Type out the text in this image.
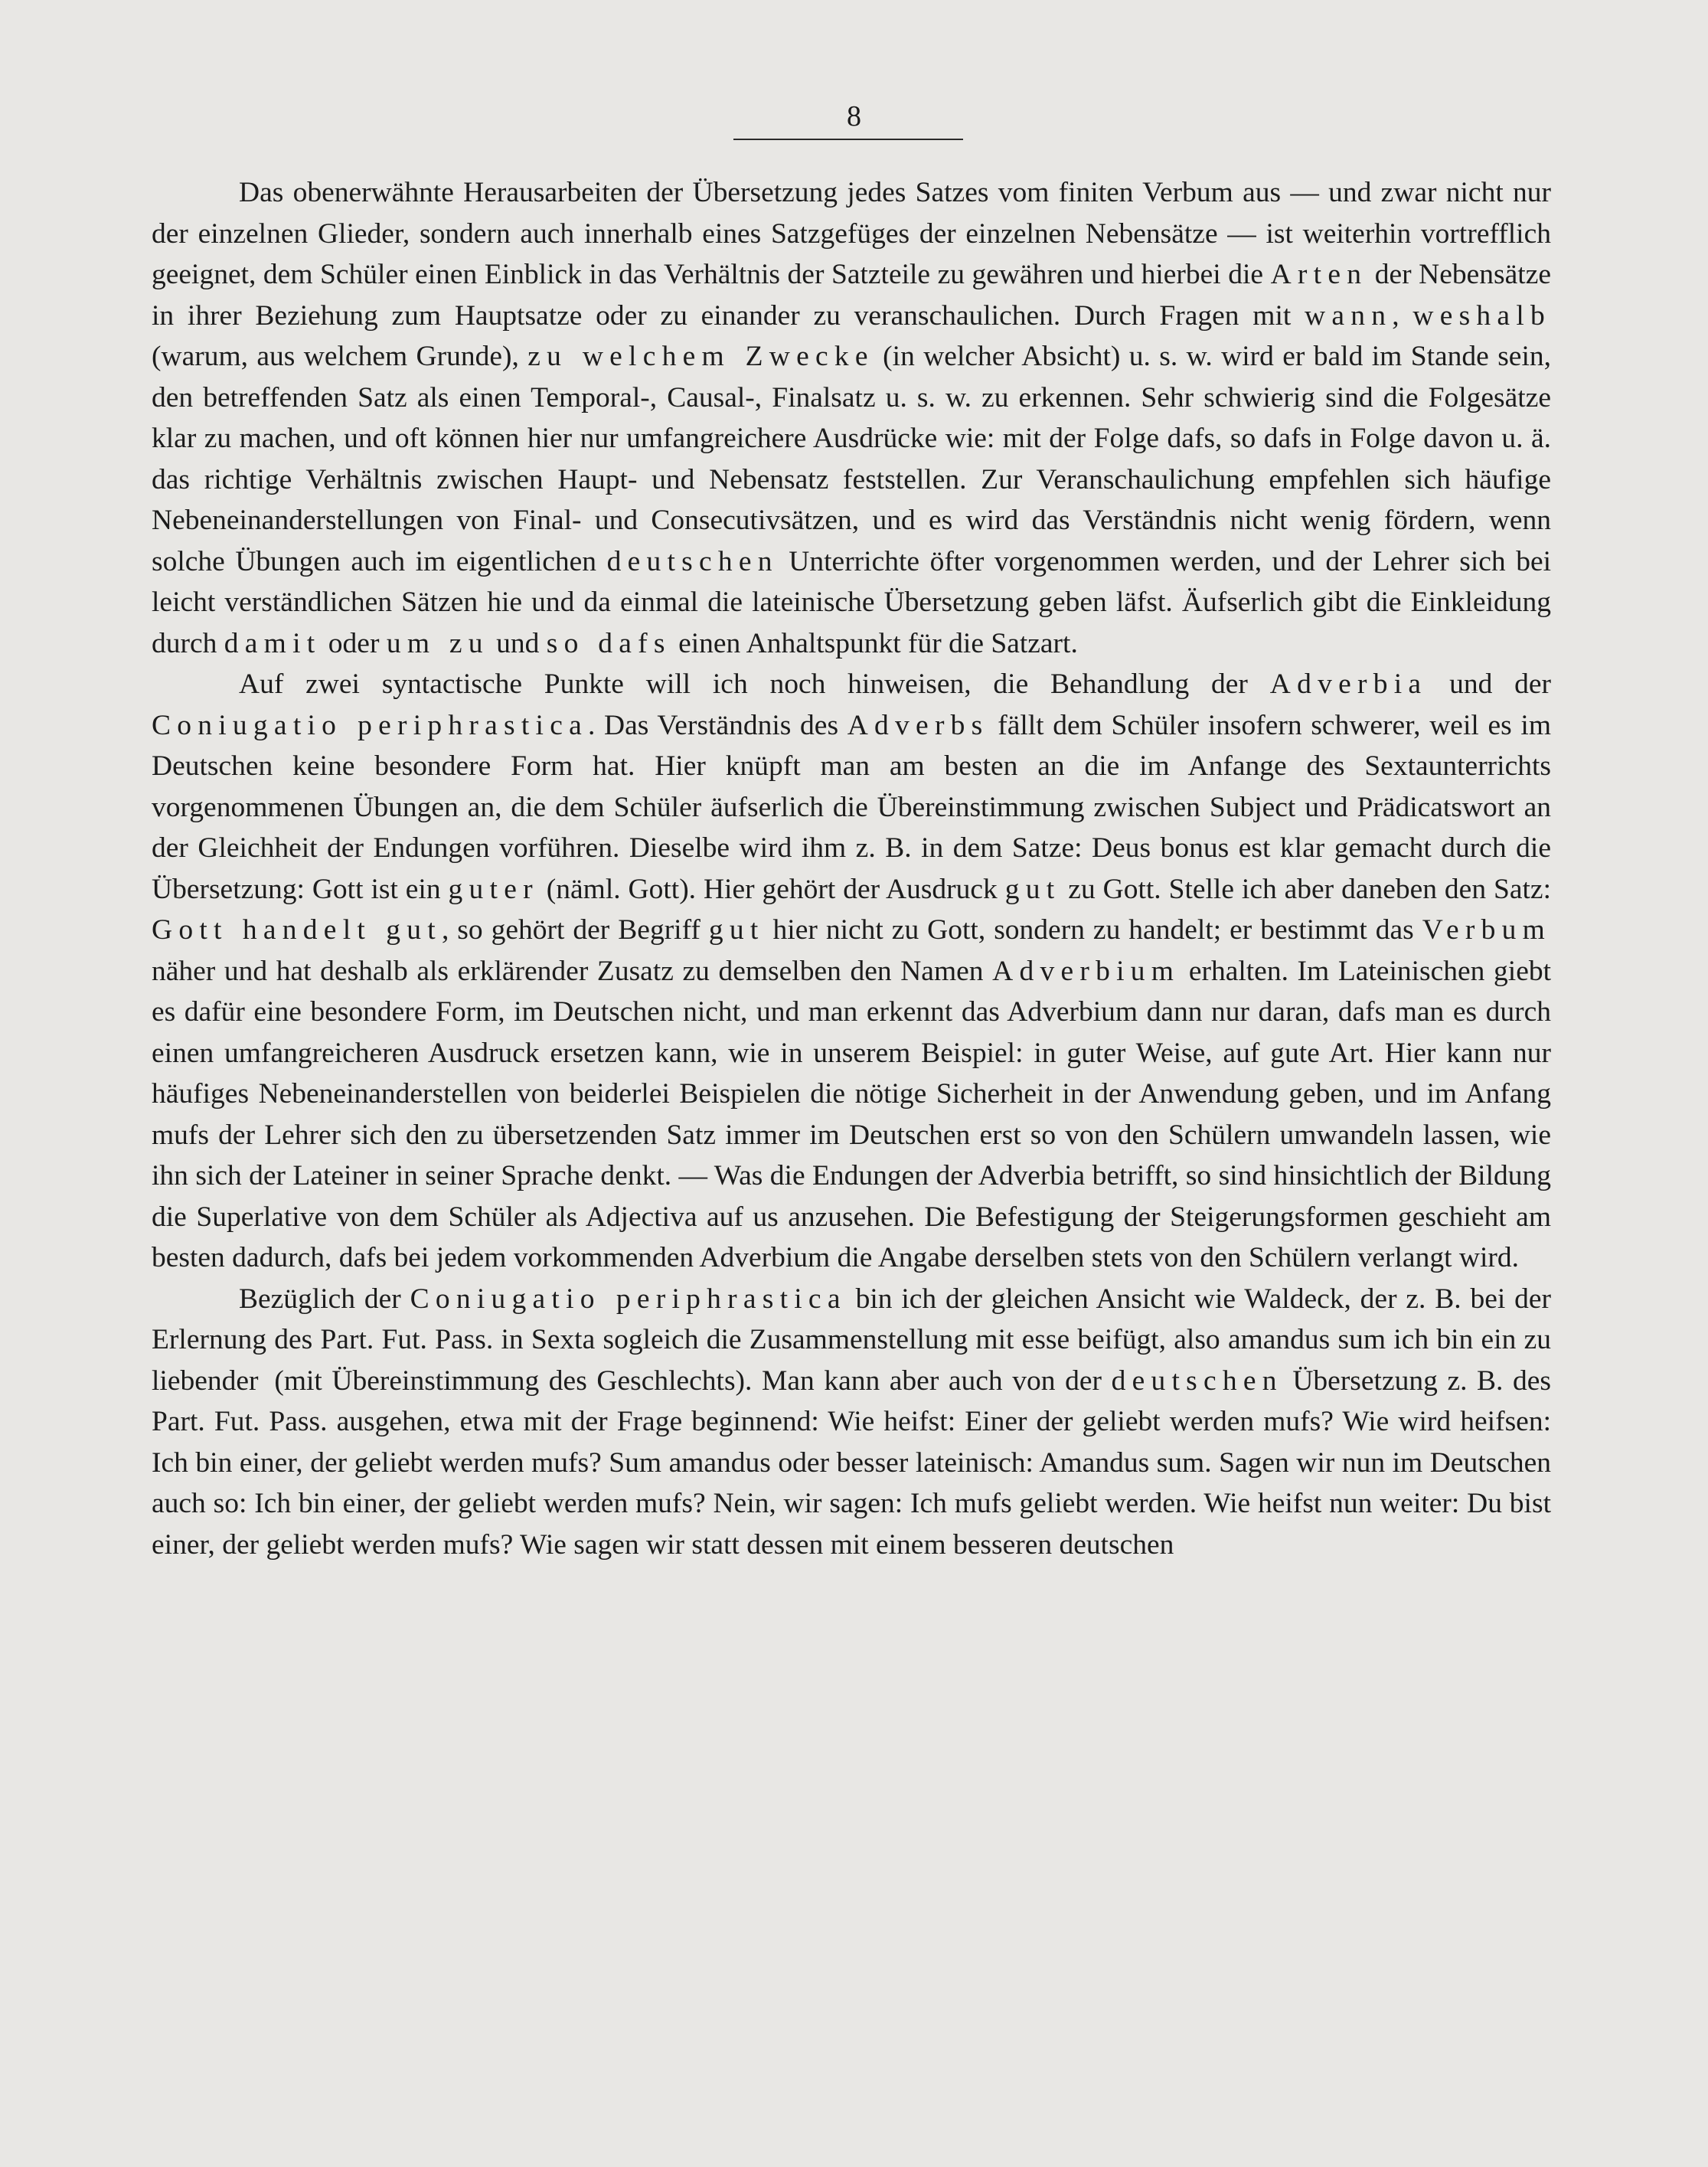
8

Das obenerwähnte Herausarbeiten der Übersetzung jedes Satzes vom finiten Verbum aus — und zwar nicht nur der einzelnen Glieder, sondern auch innerhalb eines Satzgefüges der einzelnen Nebensätze — ist weiterhin vortrefflich geeignet, dem Schüler einen Einblick in das Verhältnis der Satzteile zu gewähren und hierbei die Arten der Nebensätze in ihrer Beziehung zum Hauptsatze oder zu einander zu veranschaulichen. Durch Fragen mit wann, weshalb (warum, aus welchem Grunde), zu welchem Zwecke (in welcher Absicht) u. s. w. wird er bald im Stande sein, den betreffenden Satz als einen Temporal-, Causal-, Finalsatz u. s. w. zu erkennen. Sehr schwierig sind die Folgesätze klar zu machen, und oft können hier nur umfangreichere Ausdrücke wie: mit der Folge dafs, so dafs in Folge davon u. ä. das richtige Verhältnis zwischen Haupt- und Nebensatz feststellen. Zur Veranschaulichung empfehlen sich häufige Nebeneinanderstellungen von Final- und Consecutivsätzen, und es wird das Verständnis nicht wenig fördern, wenn solche Übungen auch im eigentlichen deutschen Unterrichte öfter vorgenommen werden, und der Lehrer sich bei leicht verständlichen Sätzen hie und da einmal die lateinische Übersetzung geben läfst. Äufserlich gibt die Einkleidung durch damit oder um zu und so dafs einen Anhaltspunkt für die Satzart.

Auf zwei syntactische Punkte will ich noch hinweisen, die Behandlung der Adverbia und der Coniugatio periphrastica. Das Verständnis des Adverbs fällt dem Schüler insofern schwerer, weil es im Deutschen keine besondere Form hat. Hier knüpft man am besten an die im Anfange des Sextaunterrichts vorgenommenen Übungen an, die dem Schüler äufserlich die Übereinstimmung zwischen Subject und Prädicatswort an der Gleichheit der Endungen vorführen. Dieselbe wird ihm z. B. in dem Satze: Deus bonus est klar gemacht durch die Übersetzung: Gott ist ein guter (näml. Gott). Hier gehört der Ausdruck gut zu Gott. Stelle ich aber daneben den Satz: Gott handelt gut, so gehört der Begriff gut hier nicht zu Gott, sondern zu handelt; er bestimmt das Verbum näher und hat deshalb als erklärender Zusatz zu demselben den Namen Adverbium erhalten. Im Lateinischen giebt es dafür eine besondere Form, im Deutschen nicht, und man erkennt das Adverbium dann nur daran, dafs man es durch einen umfangreicheren Ausdruck ersetzen kann, wie in unserem Beispiel: in guter Weise, auf gute Art. Hier kann nur häufiges Nebeneinanderstellen von beiderlei Beispielen die nötige Sicherheit in der Anwendung geben, und im Anfang mufs der Lehrer sich den zu übersetzenden Satz immer im Deutschen erst so von den Schülern umwandeln lassen, wie ihn sich der Lateiner in seiner Sprache denkt. — Was die Endungen der Adverbia betrifft, so sind hinsichtlich der Bildung die Superlative von dem Schüler als Adjectiva auf us anzusehen. Die Befestigung der Steigerungsformen geschieht am besten dadurch, dafs bei jedem vorkommenden Adverbium die Angabe derselben stets von den Schülern verlangt wird.

Bezüglich der Coniugatio periphrastica bin ich der gleichen Ansicht wie Waldeck, der z. B. bei der Erlernung des Part. Fut. Pass. in Sexta sogleich die Zusammenstellung mit esse beifügt, also amandus sum ich bin ein zu liebender (mit Übereinstimmung des Geschlechts). Man kann aber auch von der deutschen Übersetzung z. B. des Part. Fut. Pass. ausgehen, etwa mit der Frage beginnend: Wie heifst: Einer der geliebt werden mufs? Wie wird heifsen: Ich bin einer, der geliebt werden mufs? Sum amandus oder besser lateinisch: Amandus sum. Sagen wir nun im Deutschen auch so: Ich bin einer, der geliebt werden mufs? Nein, wir sagen: Ich mufs geliebt werden. Wie heifst nun weiter: Du bist einer, der geliebt werden mufs? Wie sagen wir statt dessen mit einem besseren deutschen
